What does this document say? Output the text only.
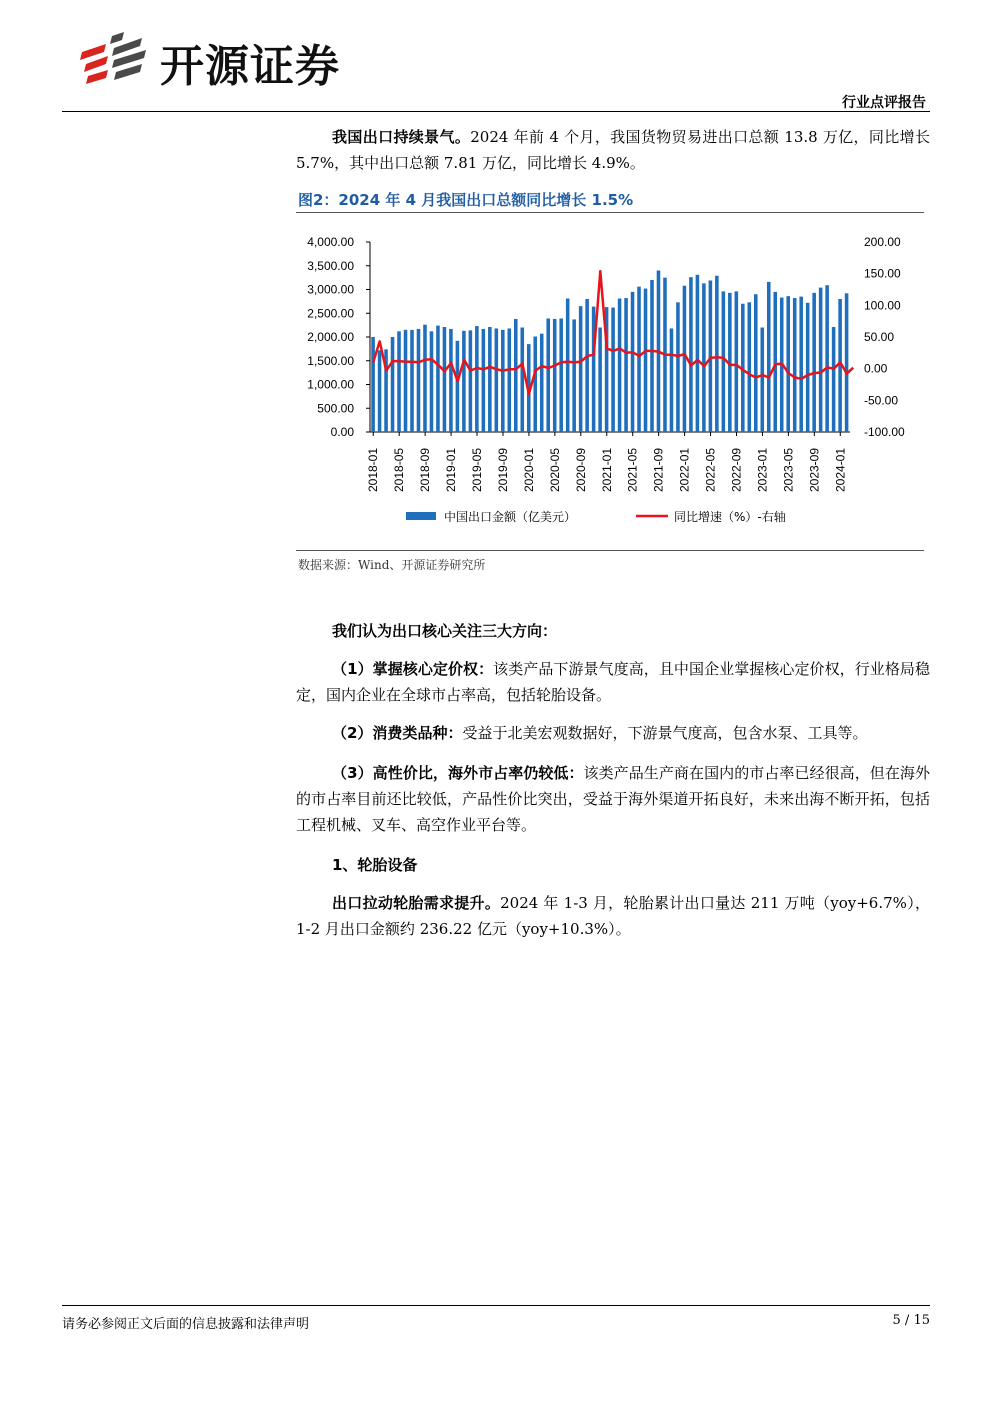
开源证券
行业点评报告
我国出口持续景气。2024 年前 4 个月，我国货物贸易进出口总额 13.8 万亿，同比增长 5.7%，其中出口总额 7.81 万亿，同比增长 4.9%。
图2：2024 年 4 月我国出口总额同比增长 1.5%
4,000.00
3,500.00
3,000.00
2,500.00
2,000.00
1,500.00
1,000.00
500.00
0.00
200.00
150.00
100.00
50.00
0.00
-50.00
-100.00
2018-01 2018-05 2018-09 2019-01 2019-05 2019-09 2020-01 2020-05 2020-09 2021-01 2021-05 2021-09 2022-01 2022-05 2022-09 2023-01 2023-05 2023-09 2024-01
中国出口金额（亿美元）	同比增速（%）-右轴
数据来源：Wind、开源证券研究所
我们认为出口核心关注三大方向：
（1）掌握核心定价权：该类产品下游景气度高，且中国企业掌握核心定价权，行业格局稳定，国内企业在全球市占率高，包括轮胎设备。
（2）消费类品种：受益于北美宏观数据好，下游景气度高，包含水泵、工具等。
（3）高性价比，海外市占率仍较低：该类产品生产商在国内的市占率已经很高，但在海外的市占率目前还比较低，产品性价比突出，受益于海外渠道开拓良好，未来出海不断开拓，包括工程机械、叉车、高空作业平台等。
1、轮胎设备
出口拉动轮胎需求提升。2024 年 1-3 月，轮胎累计出口量达 211 万吨（yoy+6.7%），1-2 月出口金额约 236.22 亿元（yoy+10.3%）。
请务必参阅正文后面的信息披露和法律声明	5 / 15
